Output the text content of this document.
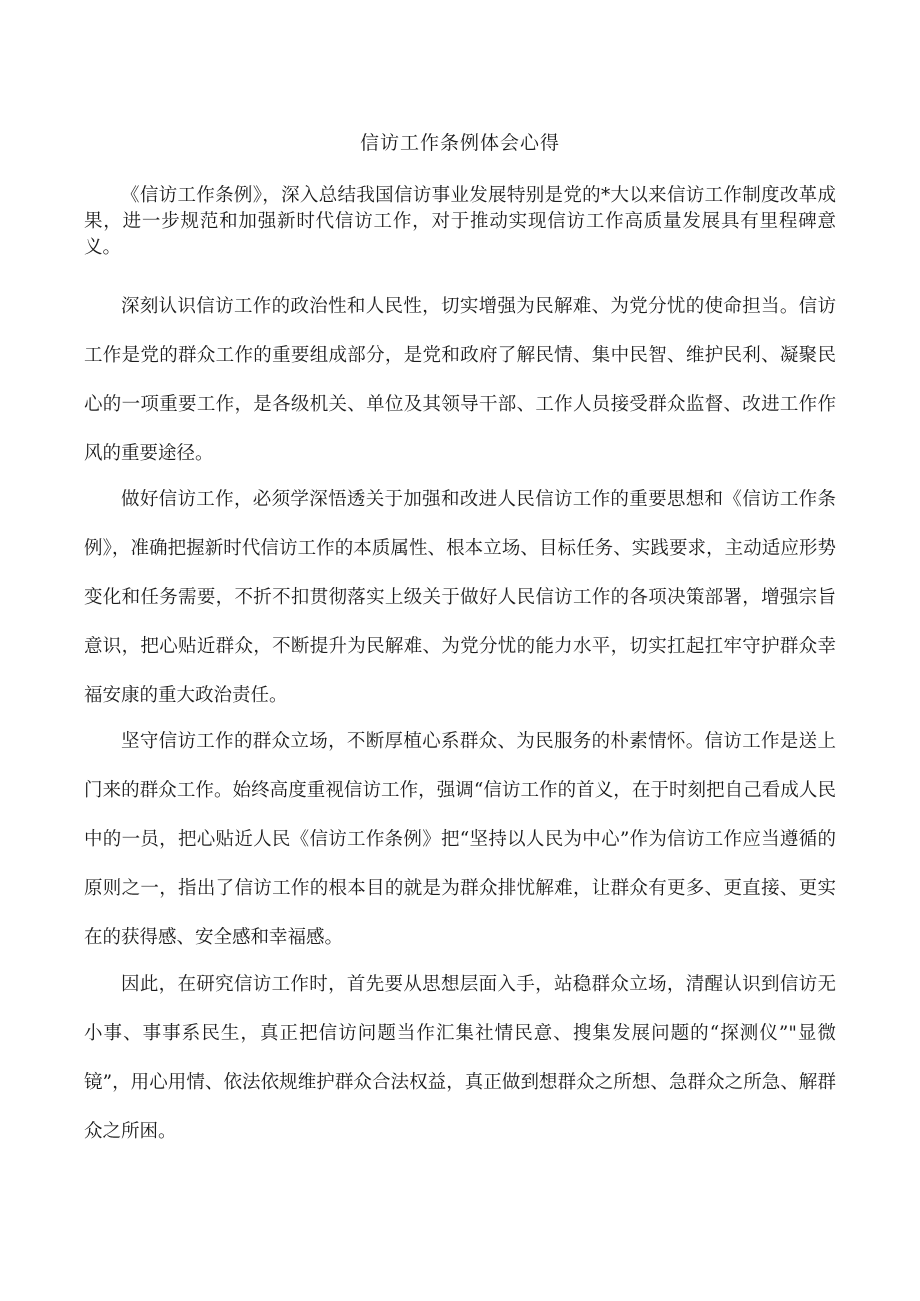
信访工作条例体会心得

《信访工作条例》，深入总结我国信访事业发展特别是党的*大以来信访工作制度改革成果，进一步规范和加强新时代信访工作，对于推动实现信访工作高质量发展具有里程碑意义。

深刻认识信访工作的政治性和人民性，切实增强为民解难、为党分忧的使命担当。信访工作是党的群众工作的重要组成部分，是党和政府了解民情、集中民智、维护民利、凝聚民心的一项重要工作，是各级机关、单位及其领导干部、工作人员接受群众监督、改进工作作风的重要途径。

做好信访工作，必须学深悟透关于加强和改进人民信访工作的重要思想和《信访工作条例》，准确把握新时代信访工作的本质属性、根本立场、目标任务、实践要求，主动适应形势变化和任务需要，不折不扣贯彻落实上级关于做好人民信访工作的各项决策部署，增强宗旨意识，把心贴近群众，不断提升为民解难、为党分忧的能力水平，切实扛起扛牢守护群众幸福安康的重大政治责任。

坚守信访工作的群众立场，不断厚植心系群众、为民服务的朴素情怀。信访工作是送上门来的群众工作。始终高度重视信访工作，强调“信访工作的首义，在于时刻把自己看成人民中的一员，把心贴近人民《信访工作条例》把“坚持以人民为中心”作为信访工作应当遵循的原则之一，指出了信访工作的根本目的就是为群众排忧解难，让群众有更多、更直接、更实在的获得感、安全感和幸福感。

因此，在研究信访工作时，首先要从思想层面入手，站稳群众立场，清醒认识到信访无小事、事事系民生，真正把信访问题当作汇集社情民意、搜集发展问题的“探测仪”"显微镜”，用心用情、依法依规维护群众合法权益，真正做到想群众之所想、急群众之所急、解群众之所困。
